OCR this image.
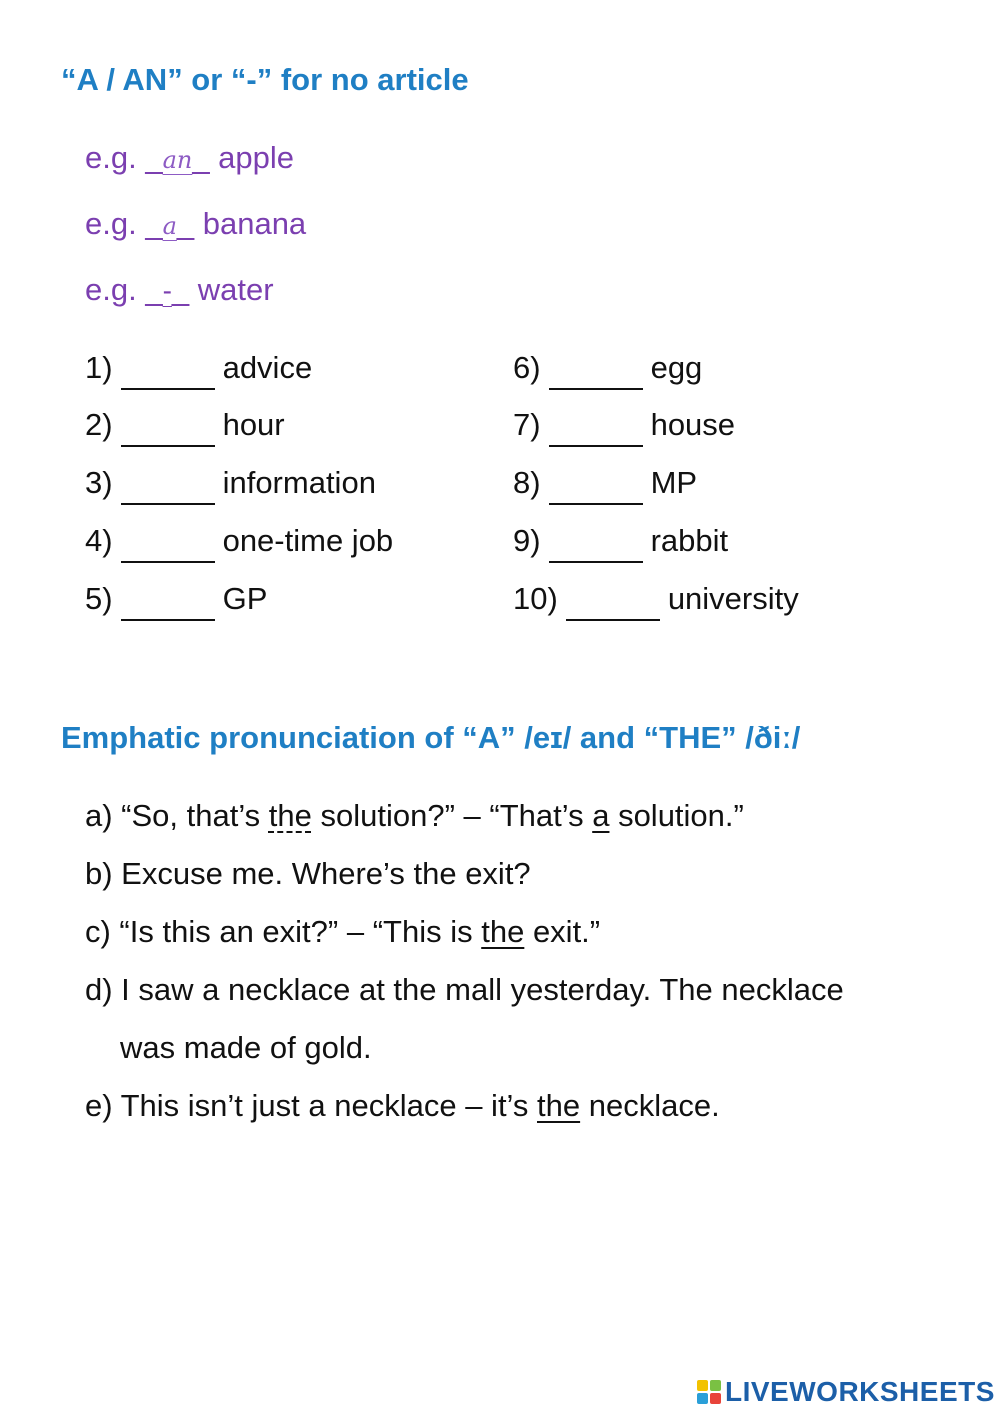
“A / AN” or “-” for no article
e.g. _an_ apple
e.g. _a_ banana
e.g. _-_ water
1)	advice
2)	hour
3)	information
4)	one-time job
5)	GP
6)	egg
7)	house
8)	MP
9)	rabbit
10)	university
Emphatic pronunciation of “A” /eɪ/ and “THE” /ðiː/
a) “So, that’s the solution?” – “That’s a solution.”
b) Excuse me. Where’s the exit?
c) “Is this an exit?” – “This is the exit.”
d) I saw a necklace at the mall yesterday. The necklace
was made of gold.
e) This isn’t just a necklace – it’s the necklace.
LIVEWORKSHEETS
